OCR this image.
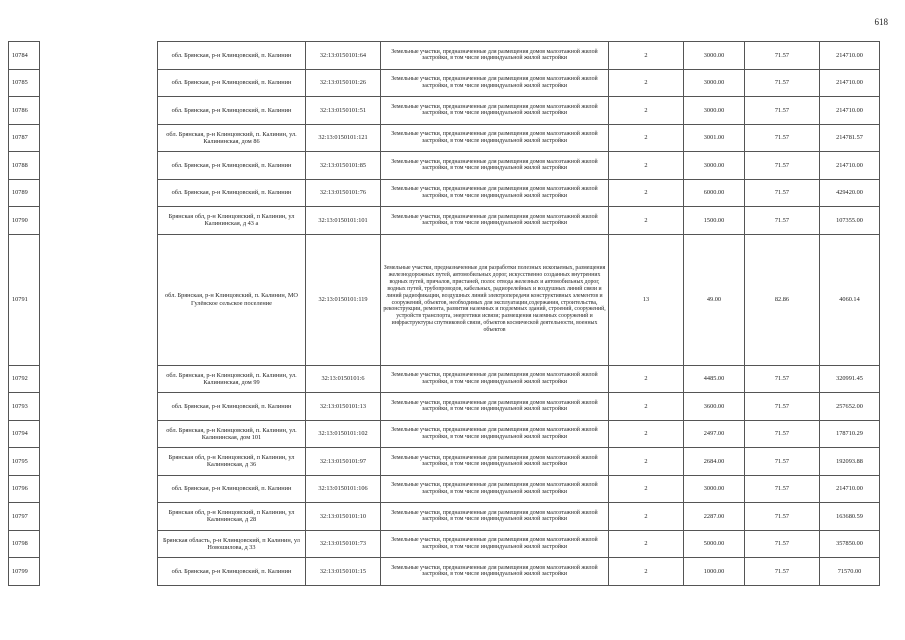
618
10784		обл. Брянская, р-н Клинцовский, п. Калинин	32:13:0150101:64	Земельные участки, предназначенные для размещения домов малоэтажной жилой застройки, в том числе индивидуальной жилой застройки	2	3000.00	71.57	214710.00
10785		обл. Брянская, р-н Клинцовский, п. Калинин	32:13:0150101:26	Земельные участки, предназначенные для размещения домов малоэтажной жилой застройки, в том числе индивидуальной жилой застройки	2	3000.00	71.57	214710.00
10786		обл. Брянская, р-н Клинцовский, п. Калинин	32:13:0150101:51	Земельные участки, предназначенные для размещения домов малоэтажной жилой застройки, в том числе индивидуальной жилой застройки	2	3000.00	71.57	214710.00
10787		обл. Брянская, р-н Клинцовский, п. Калинин, ул. Калининская, дом 86	32:13:0150101:121	Земельные участки, предназначенные для размещения домов малоэтажной жилой застройки, в том числе индивидуальной жилой застройки	2	3001.00	71.57	214781.57
10788		обл. Брянская, р-н Клинцовский, п. Калинин	32:13:0150101:85	Земельные участки, предназначенные для размещения домов малоэтажной жилой застройки, в том числе индивидуальной жилой застройки	2	3000.00	71.57	214710.00
10789		обл. Брянская, р-н Клинцовский, п. Калинин	32:13:0150101:76	Земельные участки, предназначенные для размещения домов малоэтажной жилой застройки, в том числе индивидуальной жилой застройки	2	6000.00	71.57	429420.00
10790		Брянская обл, р-н Клинцовский, п Калинин, ул Калининская, д 43 а	32:13:0150101:101	Земельные участки, предназначенные для размещения домов малоэтажной жилой застройки, в том числе индивидуальной жилой застройки	2	1500.00	71.57	107355.00
10791		обл. Брянская, р-н Клинцовский, п. Калинин, МО Гулёвское сельское поселение	32:13:0150101:119	Земельные участки, предназначенные для разработки полезных ископаемых, размещения железнодорожных путей, автомобильных дорог, искусственно созданных внутренних водных путей, причалов, пристаней, полос отвода железных и автомобильных дорог, водных путей, трубопроводов, кабельных, радиорелейных и воздушных линий связи и линий радиофикации, воздушных линий электропередачи конструктивных элементов и сооружений, объектов, необходимых для эксплуатации,содержания, строительства, реконструкции, ремонта, развития наземных и подземных зданий, строений, сооружений, устройств транспорта, энергетики исвязи; размещения наземных сооружений и инфраструктуры спутниковой связи, объектов космической деятельности, военных объектов	13	49.00	82.86	4060.14
10792		обл. Брянская, р-н Клинцовский, п. Калинин, ул. Калининская, дом 99	32:13:0150101:6	Земельные участки, предназначенные для размещения домов малоэтажной жилой застройки, в том числе индивидуальной жилой застройки	2	4485.00	71.57	320991.45
10793		обл. Брянская, р-н Клинцовский, п. Калинин	32:13:0150101:13	Земельные участки, предназначенные для размещения домов малоэтажной жилой застройки, в том числе индивидуальной жилой застройки	2	3600.00	71.57	257652.00
10794		обл. Брянская, р-н Клинцовский, п. Калинин, ул. Калининская, дом 101	32:13:0150101:102	Земельные участки, предназначенные для размещения домов малоэтажной жилой застройки, в том числе индивидуальной жилой застройки	2	2497.00	71.57	178710.29
10795		Брянская обл, р-н Клинцовский, п Калинин, ул Калининская, д 36	32:13:0150101:97	Земельные участки, предназначенные для размещения домов малоэтажной жилой застройки, в том числе индивидуальной жилой застройки	2	2684.00	71.57	192093.88
10796		обл. Брянская, р-н Клинцовский, п. Калинин	32:13:0150101:106	Земельные участки, предназначенные для размещения домов малоэтажной жилой застройки, в том числе индивидуальной жилой застройки	2	3000.00	71.57	214710.00
10797		Брянская обл, р-н Клинцовский, п Калинин, ул Калининская, д 28	32:13:0150101:10	Земельные участки, предназначенные для размещения домов малоэтажной жилой застройки, в том числе индивидуальной жилой застройки	2	2287.00	71.57	163680.59
10798		Брянская область, р-н Клинцовский, п Калинин, ул Новошилова, д 33	32:13:0150101:73	Земельные участки, предназначенные для размещения домов малоэтажной жилой застройки, в том числе индивидуальной жилой застройки	2	5000.00	71.57	357850.00
10799		обл. Брянская, р-н Клинцовский, п. Калинин	32:13:0150101:15	Земельные участки, предназначенные для размещения домов малоэтажной жилой застройки, в том числе индивидуальной жилой застройки	2	1000.00	71.57	71570.00
